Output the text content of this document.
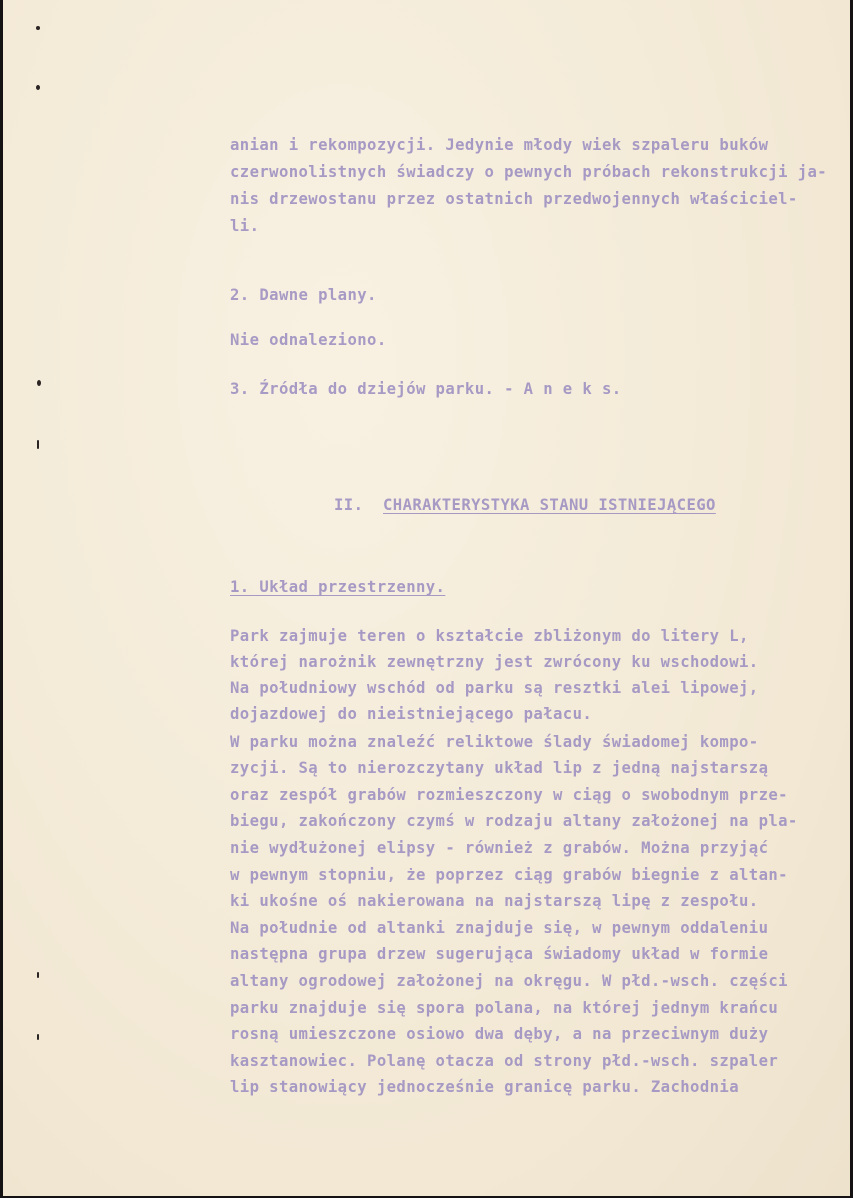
anian i rekompozycji. Jedynie młody wiek szpaleru buków
czerwonolistnych świadczy o pewnych próbach rekonstrukcji ja-
nis drzewostanu przez ostatnich przedwojennych właściciel-
li.
2. Dawne plany.
Nie odnaleziono.
3. Źródła do dziejów parku. - A n e k s.
II. CHARAKTERYSTYKA STANU ISTNIEJĄCEGO
1. Układ przestrzenny.
Park zajmuje teren o kształcie zbliżonym do litery L,
której narożnik zewnętrzny jest zwrócony ku wschodowi.
Na południowy wschód od parku są resztki alei lipowej,
dojazdowej do nieistniejącego pałacu.
W parku można znaleźć reliktowe ślady świadomej kompo-
zycji. Są to nierozczytany układ lip z jedną najstarszą
oraz zespół grabów rozmieszczony w ciąg o swobodnym prze-
biegu, zakończony czymś w rodzaju altany założonej na pla-
nie wydłużonej elipsy - również z grabów. Można przyjąć
w pewnym stopniu, że poprzez ciąg grabów biegnie z altan-
ki ukośne oś nakierowana na najstarszą lipę z zespołu.
Na południe od altanki znajduje się, w pewnym oddaleniu
następna grupa drzew sugerująca świadomy układ w formie
altany ogrodowej założonej na okręgu. W płd.-wsch. części
parku znajduje się spora polana, na której jednym krańcu
rosną umieszczone osiowo dwa dęby, a na przeciwnym duży
kasztanowiec. Polanę otacza od strony płd.-wsch. szpaler
lip stanowiący jednocześnie granicę parku. Zachodnia
